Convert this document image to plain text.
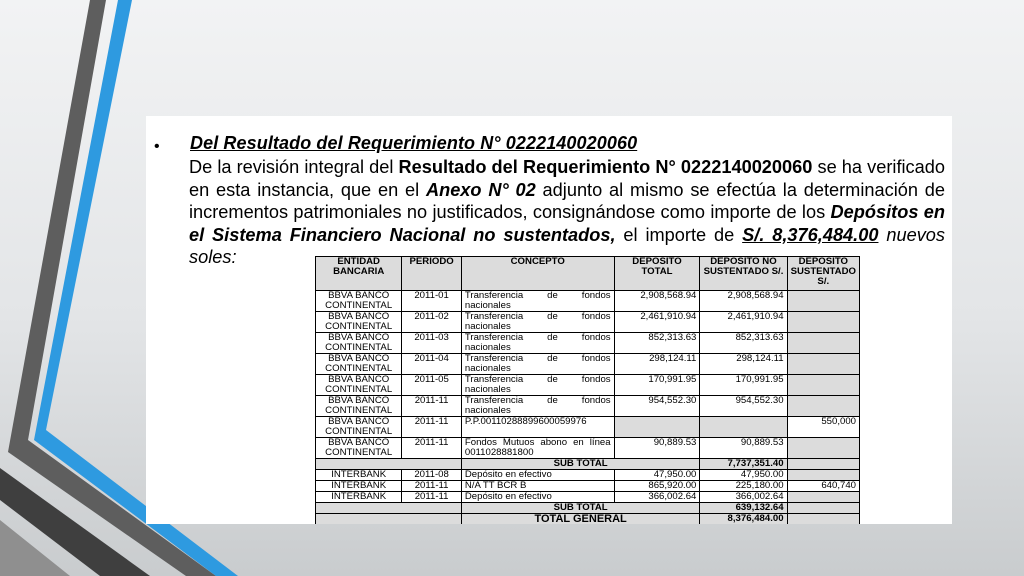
• Del Resultado del Requerimiento N° 0222140020060
De la revisión integral del Resultado del Requerimiento N° 0222140020060 se ha verificado en esta instancia, que en el Anexo N° 02 adjunto al mismo se efectúa la determinación de incrementos patrimoniales no justificados, consignándose como importe de los Depósitos en el Sistema Financiero Nacional no sustentados, el importe de S/. 8,376,484.00 nuevos soles:	ENTIDAD BANCARIA	PERIODO	CONCEPTO	DEPOSITO TOTAL	DEPOSITO NO SUSTENTADO S/.	DEPOSITO SUSTENTADO S/.
BBVA BANCO CONTINENTAL	2011-01	Transferencia de fondos nacionales	2,908,568.94	2,908,568.94	
BBVA BANCO CONTINENTAL	2011-02	Transferencia de fondos nacionales	2,461,910.94	2,461,910.94	
BBVA BANCO CONTINENTAL	2011-03	Transferencia de fondos nacionales	852,313.63	852,313.63	
BBVA BANCO CONTINENTAL	2011-04	Transferencia de fondos nacionales	298,124.11	298,124.11	
BBVA BANCO CONTINENTAL	2011-05	Transferencia de fondos nacionales	170,991.95	170,991.95	
BBVA BANCO CONTINENTAL	2011-11	Transferencia de fondos nacionales	954,552.30	954,552.30	
BBVA BANCO CONTINENTAL	2011-11	P.P.00110288899600059976			550,000
BBVA BANCO CONTINENTAL	2011-11	Fondos Mutuos abono en línea 0011028881800	90,889.53	90,889.53	
		SUB TOTAL		7,737,351.40	
INTERBANK	2011-08	Depósito en efectivo	47,950.00	47,950.00	
INTERBANK	2011-11	N/A TT BCR B	865,920.00	225,180.00	640,740
INTERBANK	2011-11	Depósito en efectivo	366,002.64	366,002.64	
		SUB TOTAL		639,132.64	
		TOTAL GENERAL		8,376,484.00	
